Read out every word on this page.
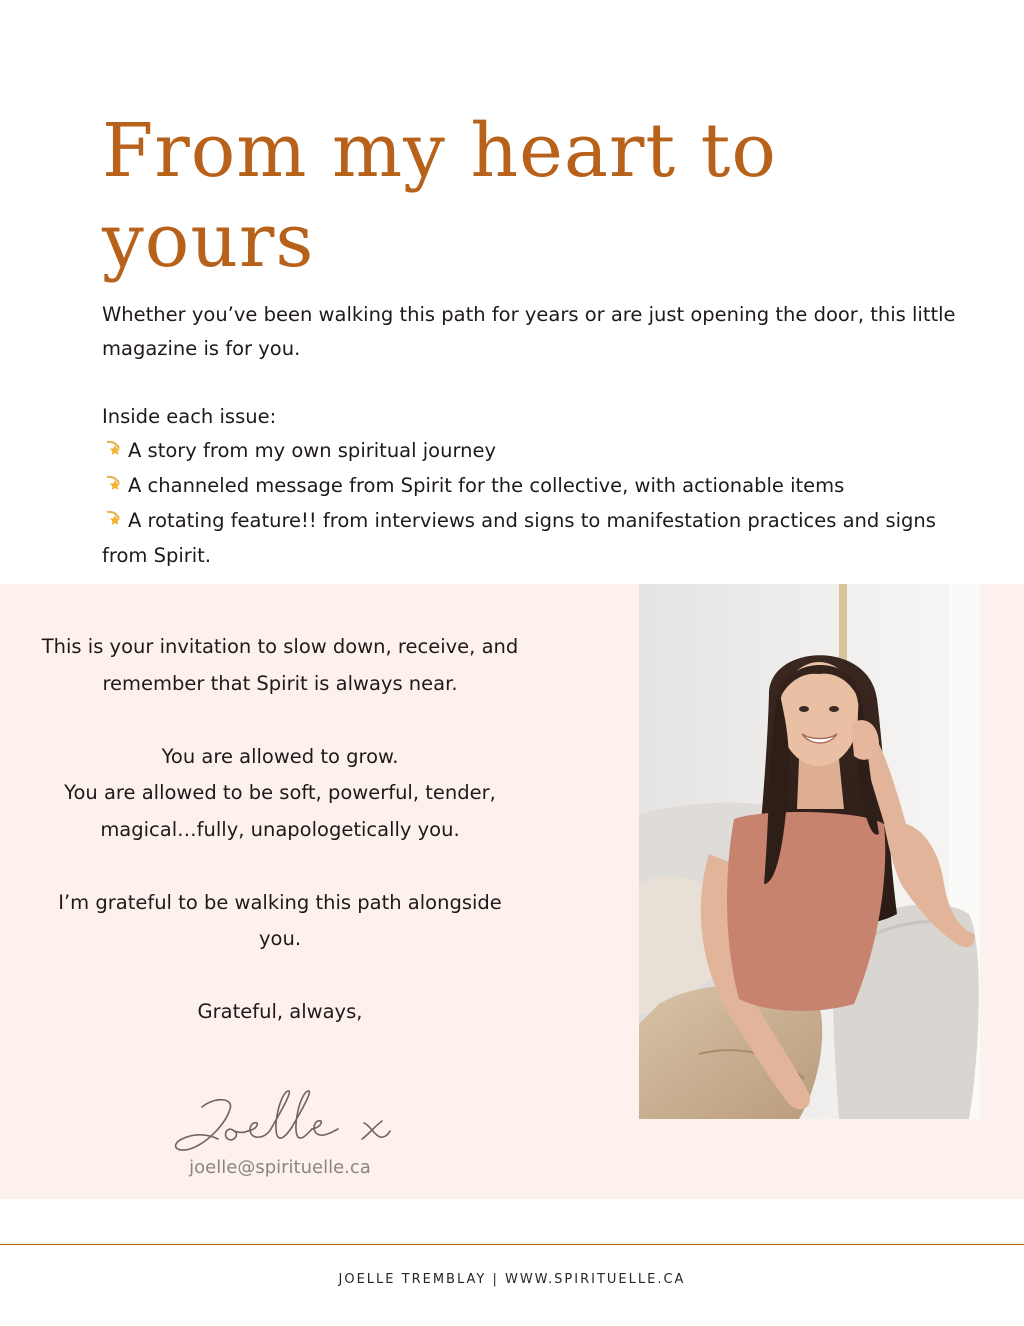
From my heart to
yours

Whether you’ve been walking this path for years or are just opening the door, this little magazine is for you.

Inside each issue:

A story from my own spiritual journey

A channeled message from Spirit for the collective, with actionable items

A rotating feature!! from interviews and signs to manifestation practices and signs from Spirit.

This is your invitation to slow down, receive, and

remember that Spirit is always near.

You are allowed to grow.

You are allowed to be soft, powerful, tender,

magical…fully, unapologetically you.

I’m grateful to be walking this path alongside

you.

Grateful, always,

joelle@spirituelle.ca
JOELLE TREMBLAY | WWW.SPIRITUELLE.CA
